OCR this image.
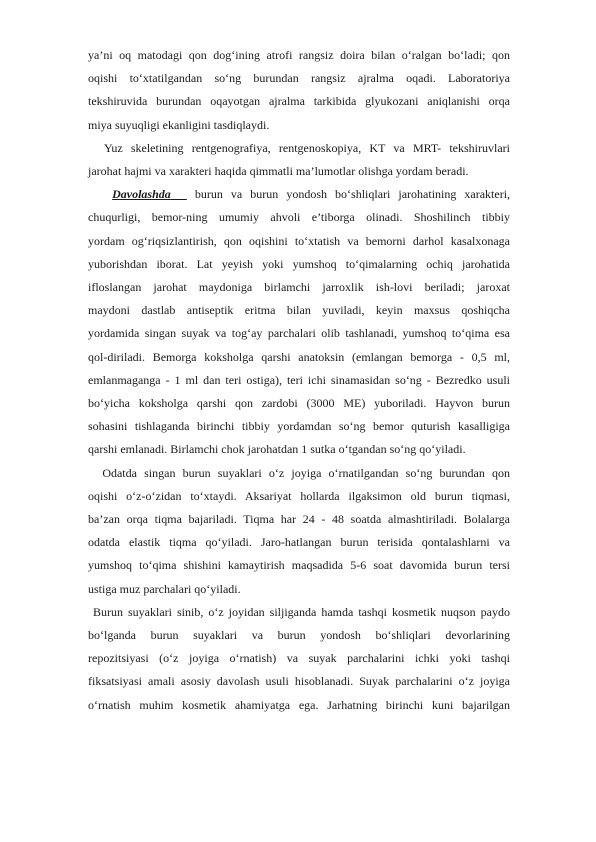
ya’ni oq matodagi qon dog‘ining atrofi rangsiz doira bilan o‘ralgan bo‘ladi; qon
oqishi to‘xtatilgandan so‘ng burundan rangsiz ajralma oqadi. Laboratoriya
tekshiruvida burundan oqayotgan ajralma tarkibida glyukozani aniqlanishi orqa
miya suyuqligi ekanligini tasdiqlaydi.
Yuz skeletining rentgenografiya, rentgenoskopiya, KT va MRT- tekshiruvlari
jarohat hajmi va xarakteri haqida qimmatli ma’lumotlar olishga yordam beradi.
Davolashda burun va burun yondosh bo‘shliqlari jarohatining xarakteri,
chuqurligi, bemor-ning umumiy ahvoli e’tiborga olinadi. Shoshilinch tibbiy
yordam og‘riqsizlantirish, qon oqishini to‘xtatish va bemorni darhol kasalxonaga
yuborishdan iborat. Lat yeyish yoki yumshoq to‘qimalarning ochiq jarohatida
ifloslangan jarohat maydoniga birlamchi jarroxlik ish-lovi beriladi; jaroxat
maydoni dastlab antiseptik eritma bilan yuviladi, keyin maxsus qoshiqcha
yordamida singan suyak va tog‘ay parchalari olib tashlanadi, yumshoq to‘qima esa
qol-diriladi. Bemorga koksholga qarshi anatoksin (emlangan bemorga - 0,5 ml,
emlanmaganga - 1 ml dan teri ostiga), teri ichi sinamasidan so‘ng - Bezredko usuli
bo‘yicha koksholga qarshi qon zardobi (3000 ME) yuboriladi. Hayvon burun
sohasini tishlaganda birinchi tibbiy yordamdan so‘ng bemor quturish kasalligiga
qarshi emlanadi. Birlamchi chok jarohatdan 1 sutka o‘tgandan so‘ng qo‘yiladi.
Odatda singan burun suyaklari o‘z joyiga o‘rnatilgandan so‘ng burundan qon
oqishi o‘z-o‘zidan to‘xtaydi. Aksariyat hollarda ilgaksimon old burun tiqmasi,
ba’zan orqa tiqma bajariladi. Tiqma har 24 - 48 soatda almashtiriladi. Bolalarga
odatda elastik tiqma qo‘yiladi. Jaro-hatlangan burun terisida qontalashlarni va
yumshoq to‘qima shishini kamaytirish maqsadida 5-6 soat davomida burun tersi
ustiga muz parchalari qo‘yiladi.
Burun suyaklari sinib, o‘z joyidan siljiganda hamda tashqi kosmetik nuqson paydo
bo‘lganda burun suyaklari va burun yondosh bo‘shliqlari devorlarining
repozitsiyasi (o‘z joyiga o‘rnatish) va suyak parchalarini ichki yoki tashqi
fiksatsiyasi amali asosiy davolash usuli hisoblanadi. Suyak parchalarini o‘z joyiga
o‘rnatish muhim kosmetik ahamiyatga ega. Jarhatning birinchi kuni bajarilgan
